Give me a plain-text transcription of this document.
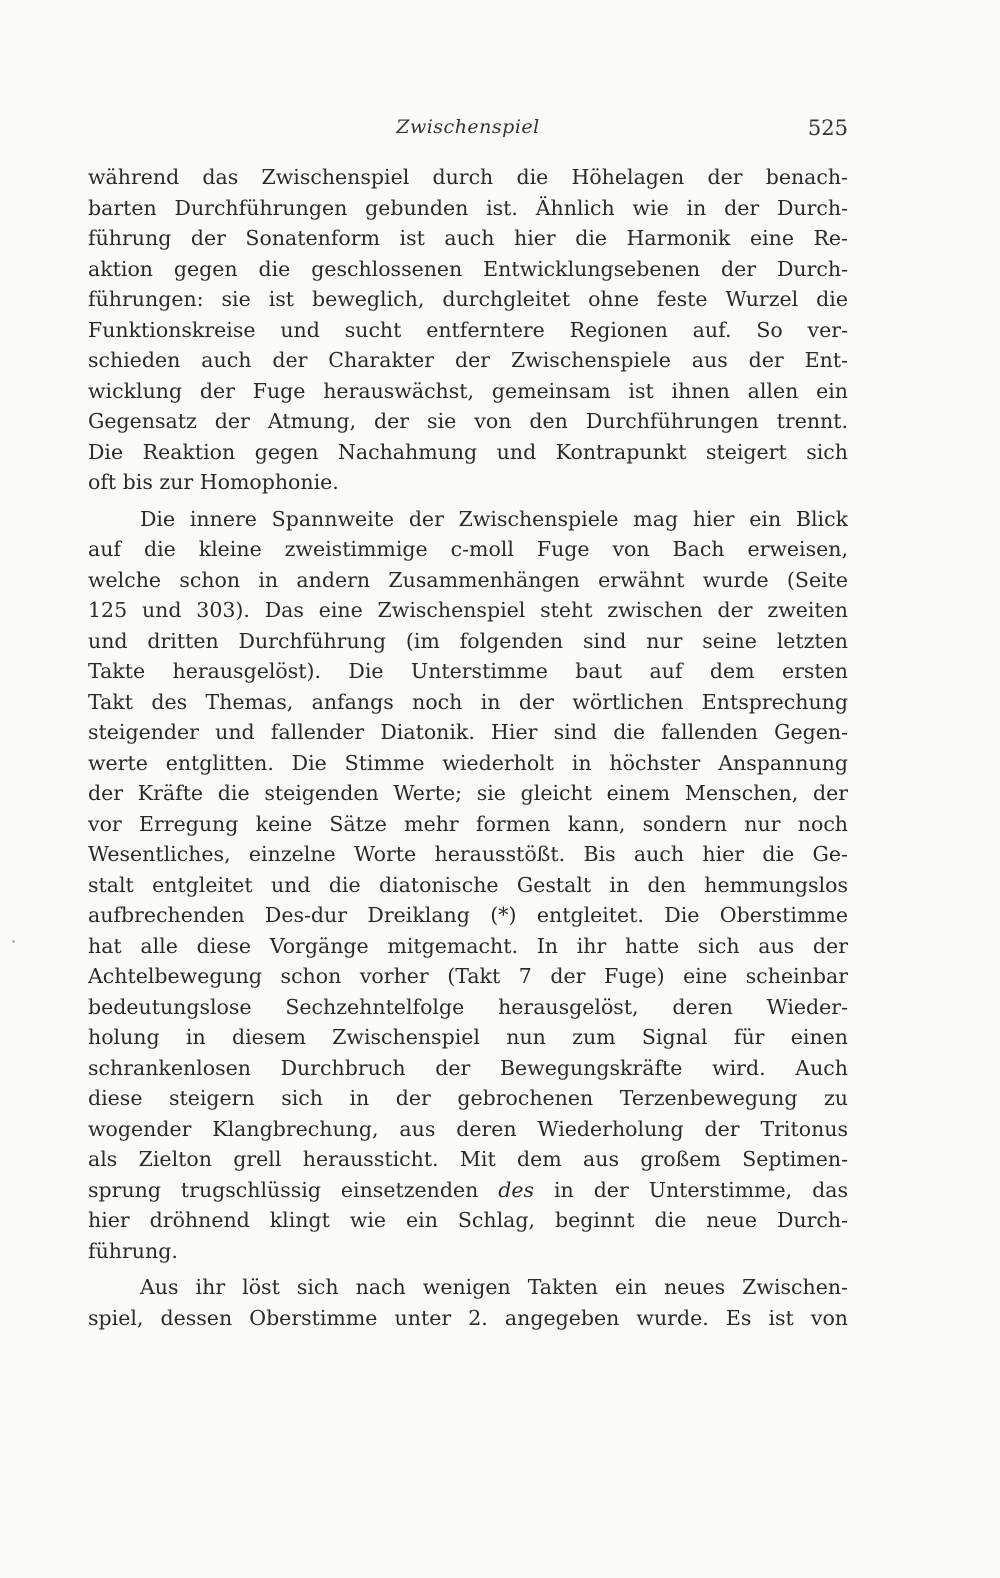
Zwischenspiel	525
während das Zwischenspiel durch die Höhelagen der benach-
barten Durchführungen gebunden ist. Ähnlich wie in der Durch-
führung der Sonatenform ist auch hier die Harmonik eine Re-
aktion gegen die geschlossenen Entwicklungsebenen der Durch-
führungen: sie ist beweglich, durchgleitet ohne feste Wurzel die
Funktionskreise und sucht entferntere Regionen auf. So ver-
schieden auch der Charakter der Zwischenspiele aus der Ent-
wicklung der Fuge herauswächst, gemeinsam ist ihnen allen ein
Gegensatz der Atmung, der sie von den Durchführungen trennt.
Die Reaktion gegen Nachahmung und Kontrapunkt steigert sich
oft bis zur Homophonie.
Die innere Spannweite der Zwischenspiele mag hier ein Blick
auf die kleine zweistimmige c-moll Fuge von Bach erweisen,
welche schon in andern Zusammenhängen erwähnt wurde (Seite
125 und 303). Das eine Zwischenspiel steht zwischen der zweiten
und dritten Durchführung (im folgenden sind nur seine letzten
Takte herausgelöst). Die Unterstimme baut auf dem ersten
Takt des Themas, anfangs noch in der wörtlichen Entsprechung
steigender und fallender Diatonik. Hier sind die fallenden Gegen-
werte entglitten. Die Stimme wiederholt in höchster Anspannung
der Kräfte die steigenden Werte; sie gleicht einem Menschen, der
vor Erregung keine Sätze mehr formen kann, sondern nur noch
Wesentliches, einzelne Worte herausstößt. Bis auch hier die Ge-
stalt entgleitet und die diatonische Gestalt in den hemmungslos
aufbrechenden Des-dur Dreiklang (*) entgleitet. Die Oberstimme
hat alle diese Vorgänge mitgemacht. In ihr hatte sich aus der
Achtelbewegung schon vorher (Takt 7 der Fuge) eine scheinbar
bedeutungslose Sechzehntelfolge herausgelöst, deren Wieder-
holung in diesem Zwischenspiel nun zum Signal für einen
schrankenlosen Durchbruch der Bewegungskräfte wird. Auch
diese steigern sich in der gebrochenen Terzenbewegung zu
wogender Klangbrechung, aus deren Wiederholung der Tritonus
als Zielton grell heraussticht. Mit dem aus großem Septimen-
sprung trugschlüssig einsetzenden des in der Unterstimme, das
hier dröhnend klingt wie ein Schlag, beginnt die neue Durch-
führung.
Aus ihr löst sich nach wenigen Takten ein neues Zwischen-
spiel, dessen Oberstimme unter 2. angegeben wurde. Es ist von
